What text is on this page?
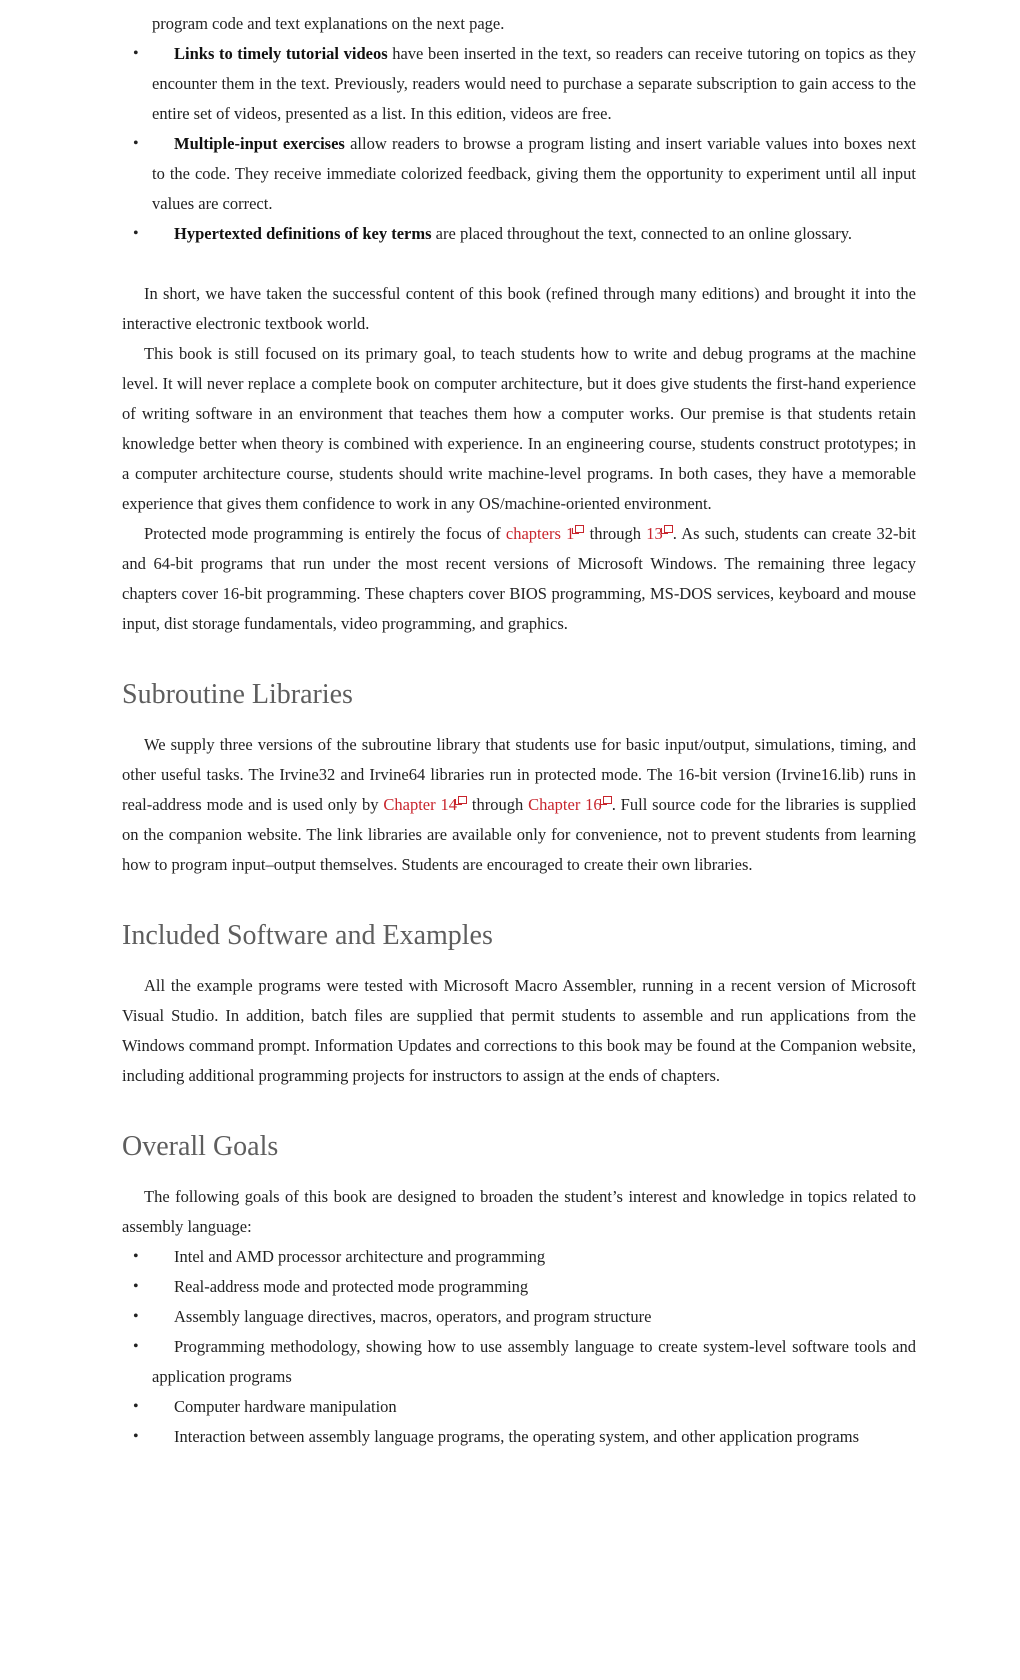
program code and text explanations on the next page.
• Links to timely tutorial videos have been inserted in the text, so readers can receive tutoring on topics as they encounter them in the text. Previously, readers would need to purchase a separate subscription to gain access to the entire set of videos, presented as a list. In this edition, videos are free.
• Multiple-input exercises allow readers to browse a program listing and insert variable values into boxes next to the code. They receive immediate colorized feedback, giving them the opportunity to experiment until all input values are correct.
• Hypertexted definitions of key terms are placed throughout the text, connected to an online glossary.

In short, we have taken the successful content of this book (refined through many editions) and brought it into the interactive electronic textbook world.

This book is still focused on its primary goal, to teach students how to write and debug programs at the machine level. It will never replace a complete book on computer architecture, but it does give students the first-hand experience of writing software in an environment that teaches them how a computer works. Our premise is that students retain knowledge better when theory is combined with experience. In an engineering course, students construct prototypes; in a computer architecture course, students should write machine-level programs. In both cases, they have a memorable experience that gives them confidence to work in any OS/machine-oriented environment.

Protected mode programming is entirely the focus of chapters 1 through 13 . As such, students can create 32-bit and 64-bit programs that run under the most recent versions of Microsoft Windows. The remaining three legacy chapters cover 16-bit programming. These chapters cover BIOS programming, MS-DOS services, keyboard and mouse input, dist storage fundamentals, video programming, and graphics.

Subroutine Libraries

We supply three versions of the subroutine library that students use for basic input/output, simulations, timing, and other useful tasks. The Irvine32 and Irvine64 libraries run in protected mode. The 16-bit version (Irvine16.lib) runs in real-address mode and is used only by Chapter 14 through Chapter 16 . Full source code for the libraries is supplied on the companion website. The link libraries are available only for convenience, not to prevent students from learning how to program input–output themselves. Students are encouraged to create their own libraries.

Included Software and Examples

All the example programs were tested with Microsoft Macro Assembler, running in a recent version of Microsoft Visual Studio. In addition, batch files are supplied that permit students to assemble and run applications from the Windows command prompt. Information Updates and corrections to this book may be found at the Companion website, including additional programming projects for instructors to assign at the ends of chapters.

Overall Goals

The following goals of this book are designed to broaden the student’s interest and knowledge in topics related to assembly language:

• Intel and AMD processor architecture and programming
• Real-address mode and protected mode programming
• Assembly language directives, macros, operators, and program structure
• Programming methodology, showing how to use assembly language to create system-level software tools and application programs
• Computer hardware manipulation
• Interaction between assembly language programs, the operating system, and other application programs
